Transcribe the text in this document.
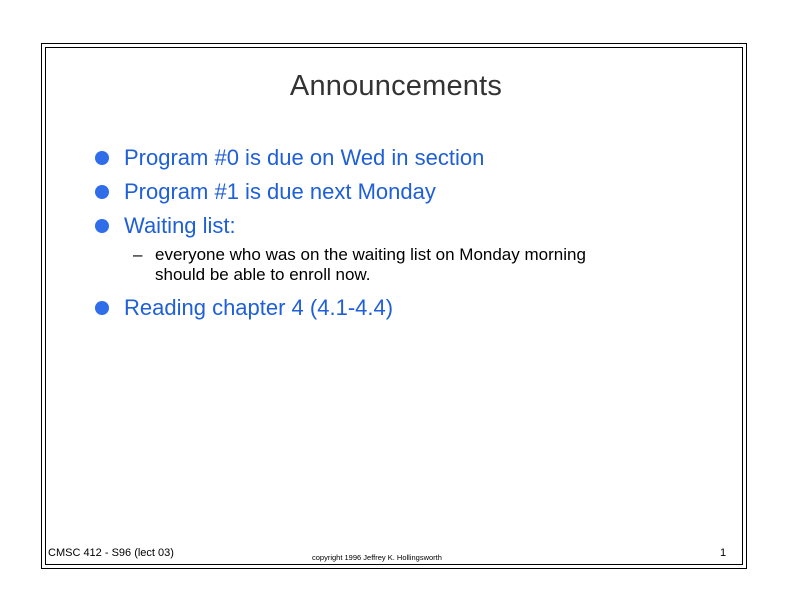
Announcements
Program #0 is due on Wed in section
Program #1 is due next Monday
Waiting list:
– everyone who was on the waiting list on Monday morning
should be able to enroll now.
Reading chapter 4 (4.1-4.4)
CMSC 412 - S96 (lect 03)	copyright 1996 Jeffrey K. Hollingsworth	1
